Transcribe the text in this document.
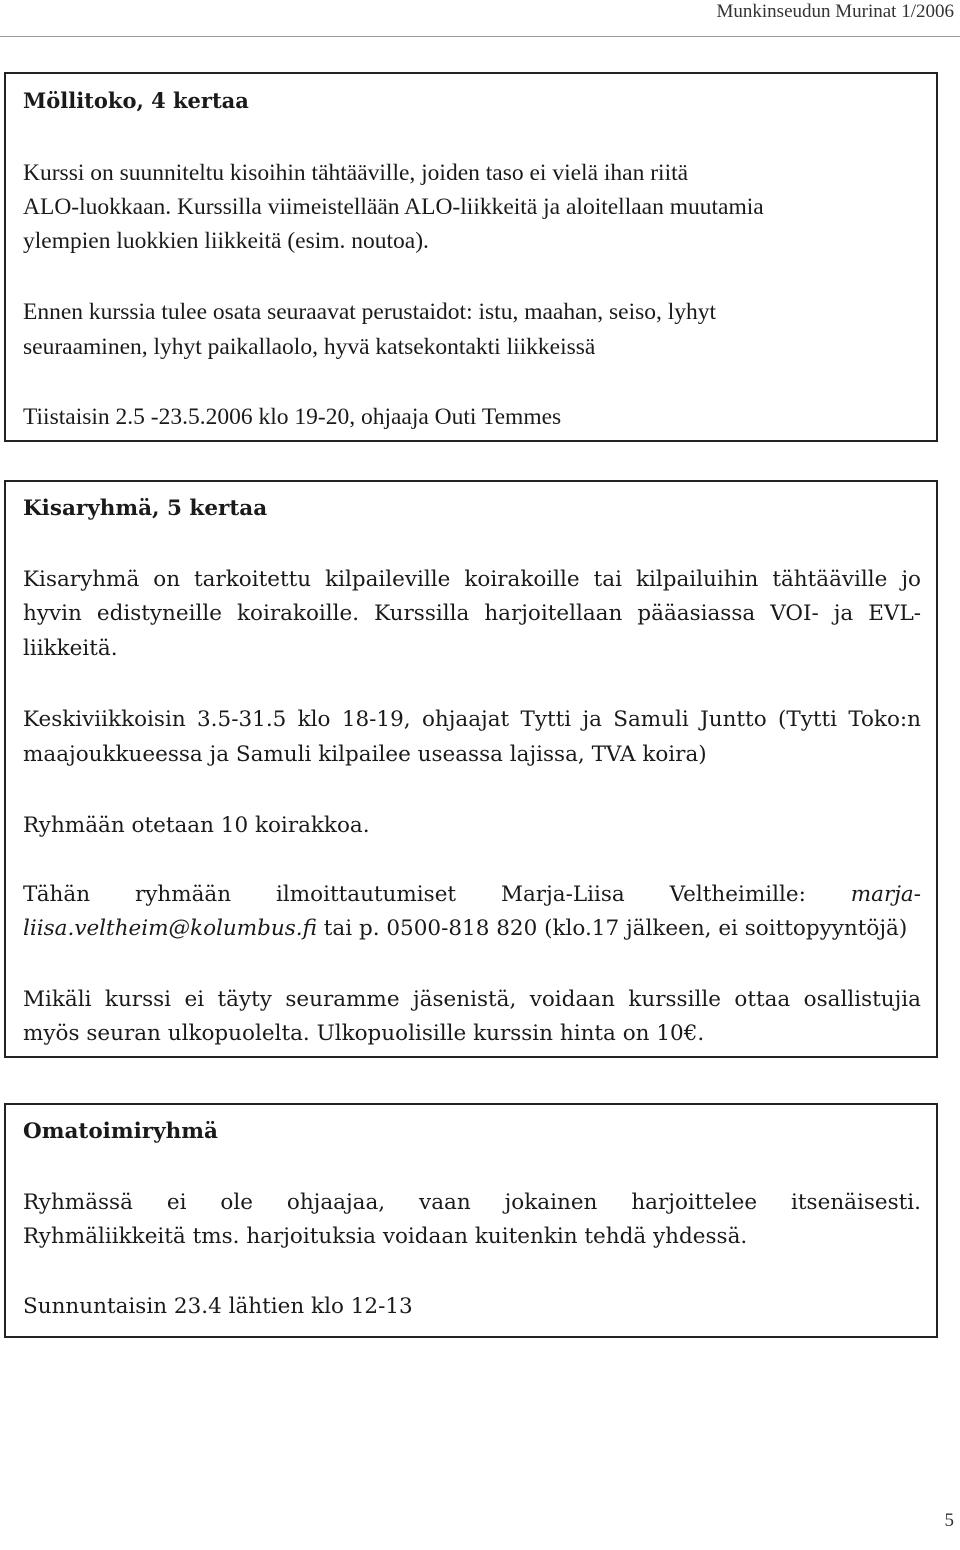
Munkinseudun Murinat 1/2006
Möllitoko, 4 kertaa
Kurssi on suunniteltu kisoihin tähtääville, joiden taso ei vielä ihan riitä
ALO-luokkaan. Kurssilla viimeistellään ALO-liikkeitä ja aloitellaan muutamia
ylempien luokkien liikkeitä (esim. noutoa).
Ennen kurssia tulee osata seuraavat perustaidot: istu, maahan, seiso, lyhyt
seuraaminen, lyhyt paikallaolo, hyvä katsekontakti liikkeissä
Tiistaisin 2.5 -23.5.2006 klo 19-20, ohjaaja Outi Temmes
Kisaryhmä, 5 kertaa
Kisaryhmä on tarkoitettu kilpaileville koirakoille tai kilpailuihin tähtääville jo
hyvin edistyneille koirakoille. Kurssilla harjoitellaan pääasiassa VOI- ja EVL-
liikkeitä.
Keskiviikkoisin 3.5-31.5 klo 18-19, ohjaajat Tytti ja Samuli Juntto (Tytti Toko:n
maajoukkueessa ja Samuli kilpailee useassa lajissa, TVA koira)
Ryhmään otetaan 10 koirakkoa.
Tähän ryhmään ilmoittautumiset Marja-Liisa Veltheimille: marja-
liisa.veltheim@kolumbus.fi tai p. 0500-818 820 (klo.17 jälkeen, ei soittopyyntöjä)
Mikäli kurssi ei täyty seuramme jäsenistä, voidaan kurssille ottaa osallistujia
myös seuran ulkopuolelta. Ulkopuolisille kurssin hinta on 10€.
Omatoimiryhmä
Ryhmässä ei ole ohjaajaa, vaan jokainen harjoittelee itsenäisesti.
Ryhmäliikkeitä tms. harjoituksia voidaan kuitenkin tehdä yhdessä.
Sunnuntaisin 23.4 lähtien klo 12-13
5
